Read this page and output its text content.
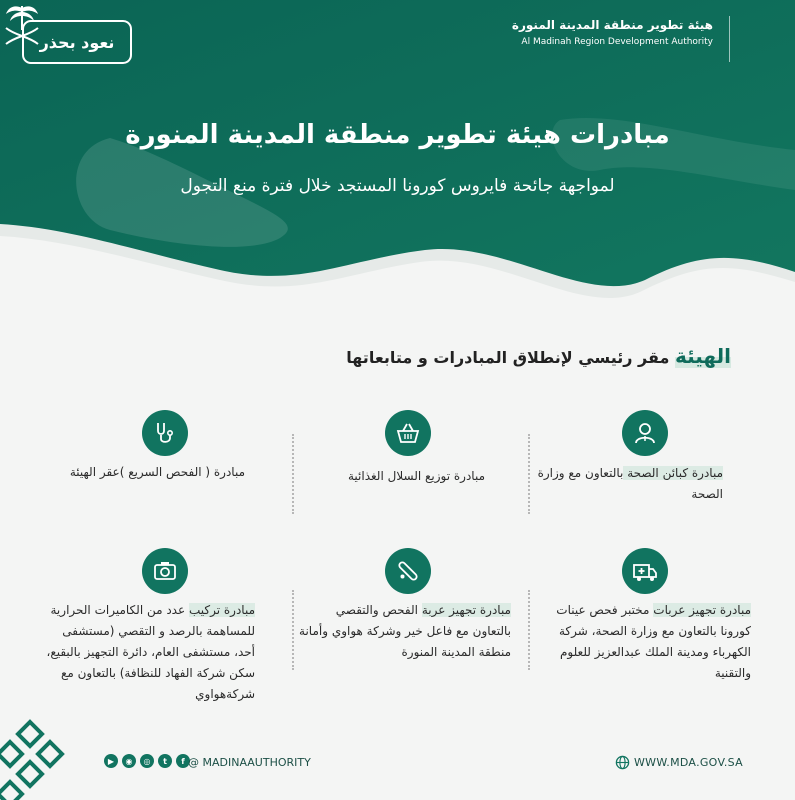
نعود بحذر
هيئة تطوير منطقة المدينة المنورة
Al Madinah Region Development Authority
مبادرات هيئة تطوير منطقة المدينة المنورة
لمواجهة جائحة فايروس كورونا المستجد خلال فترة منع التجول
الهيئة مقر رئيسي لإنطلاق المبادرات و متابعاتها
مبادرة كبائن الصحة بالتعاون مع وزارة الصحة
مبادرة توزيع السلال الغذائية
مبادرة ( الفحص السريع )عقر الهيئة
مبادرة تجهيز عربات مختبر فحص عينات كورونا بالتعاون مع وزارة الصحة، شركة الكهرباء ومدينة الملك عبدالعزيز للعلوم والتقنية
مبادرة تجهيز عربة الفحص والتقصي بالتعاون مع فاعل خير وشركة هواوي وأمانة منطقة المدينة المنورة
مبادرة تركيب عدد من الكاميرات الحرارية للمساهمة بالرصد و التقصي (مستشفى أحد، مستشفى العام، دائرة التجهيز بالبقيع، سكن شركة الفهاد للنظافة) بالتعاون مع شركةهواوي
▶	◉	◎	t	f @ MADINAAUTHORITY	WWW.MDA.GOV.SA
